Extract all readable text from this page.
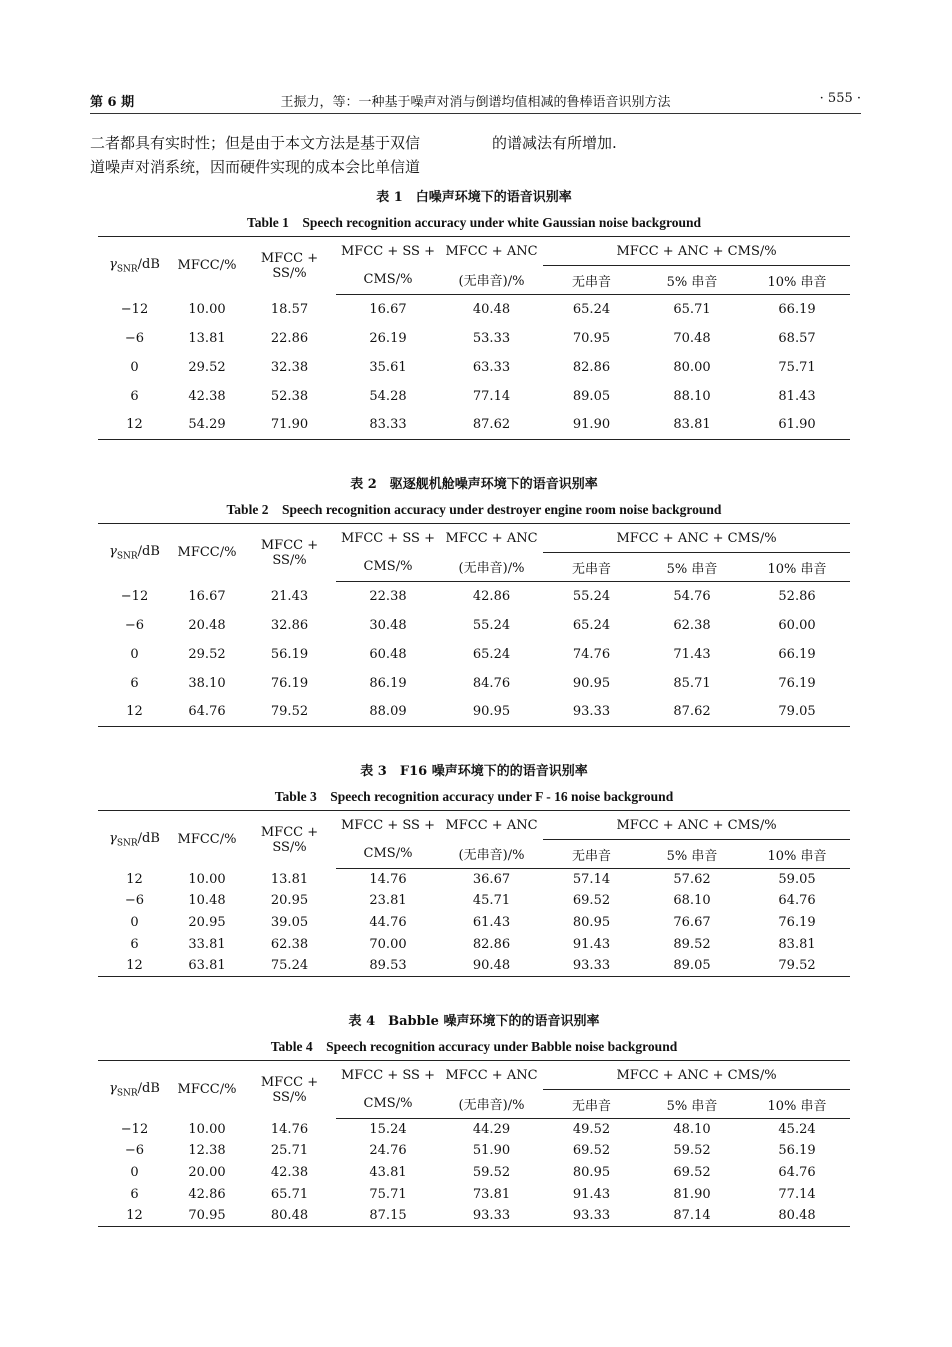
第 6 期	王振力，等：一种基于噪声对消与倒谱均值相减的鲁棒语音识别方法	· 555 ·
二者都具有实时性；但是由于本文方法是基于双信
道噪声对消系统，因而硬件实现的成本会比单信道
的谱减法有所增加.
表 1　白噪声环境下的语音识别率
Table 1　Speech recognition accuracy under white Gaussian noise background
$\gamma_{SNR}/dB$	MFCC/%	MFCC + SS/%	MFCC + SS +	MFCC + ANC	MFCC + ANC + CMS/%		
			CMS/%	(无串音)/%	无串音	5% 串音	10% 串音
−12	10.00	18.57	16.67	40.48	65.24	65.71	66.19
−6	13.81	22.86	26.19	53.33	70.95	70.48	68.57
0	29.52	32.38	35.61	63.33	82.86	80.00	75.71
6	42.38	52.38	54.28	77.14	89.05	88.10	81.43
12	54.29	71.90	83.33	87.62	91.90	83.81	61.90
表 2　驱逐舰机舱噪声环境下的语音识别率
Table 2　Speech recognition accuracy under destroyer engine room noise background
$\gamma_{SNR}/dB$	MFCC/%	MFCC + SS/%	MFCC + SS +	MFCC + ANC	MFCC + ANC + CMS/%		
			CMS/%	(无串音)/%	无串音	5% 串音	10% 串音
−12	16.67	21.43	22.38	42.86	55.24	54.76	52.86
−6	20.48	32.86	30.48	55.24	65.24	62.38	60.00
0	29.52	56.19	60.48	65.24	74.76	71.43	66.19
6	38.10	76.19	86.19	84.76	90.95	85.71	76.19
12	64.76	79.52	88.09	90.95	93.33	87.62	79.05
表 3　F16 噪声环境下的的语音识别率
Table 3　Speech recognition accuracy under F - 16 noise background
$\gamma_{SNR}/dB$	MFCC/%	MFCC + SS/%	MFCC + SS +	MFCC + ANC	MFCC + ANC + CMS/%		
			CMS/%	(无串音)/%	无串音	5% 串音	10% 串音
12	10.00	13.81	14.76	36.67	57.14	57.62	59.05
−6	10.48	20.95	23.81	45.71	69.52	68.10	64.76
0	20.95	39.05	44.76	61.43	80.95	76.67	76.19
6	33.81	62.38	70.00	82.86	91.43	89.52	83.81
12	63.81	75.24	89.53	90.48	93.33	89.05	79.52
表 4　Babble 噪声环境下的的语音识别率
Table 4　Speech recognition accuracy under Babble noise background
$\gamma_{SNR}/dB$	MFCC/%	MFCC + SS/%	MFCC + SS +	MFCC + ANC	MFCC + ANC + CMS/%		
			CMS/%	(无串音)/%	无串音	5% 串音	10% 串音
−12	10.00	14.76	15.24	44.29	49.52	48.10	45.24
−6	12.38	25.71	24.76	51.90	69.52	59.52	56.19
0	20.00	42.38	43.81	59.52	80.95	69.52	64.76
6	42.86	65.71	75.71	73.81	91.43	81.90	77.14
12	70.95	80.48	87.15	93.33	93.33	87.14	80.48
